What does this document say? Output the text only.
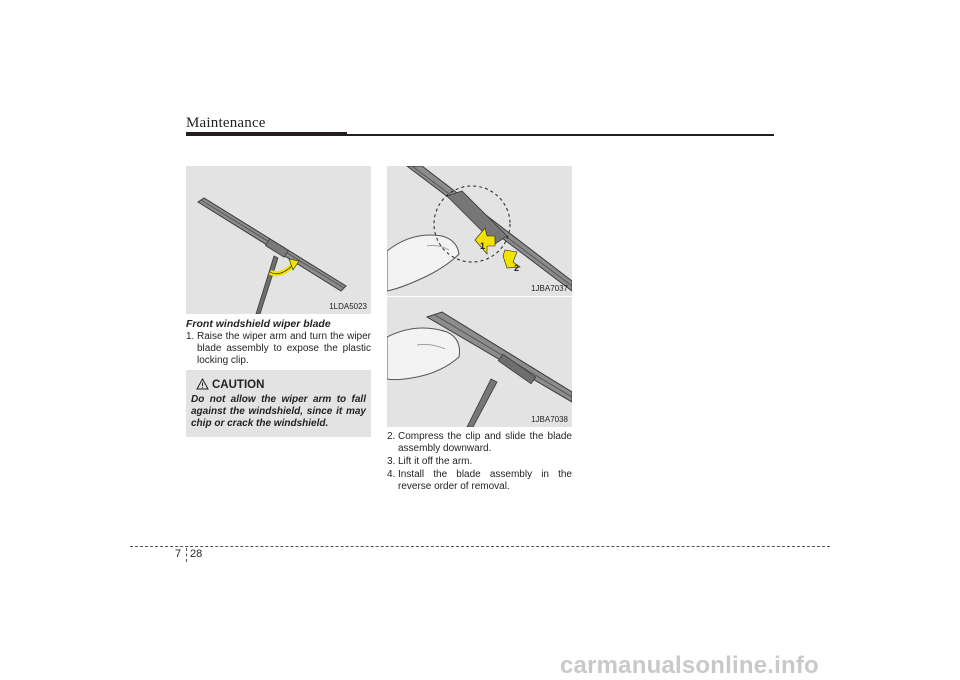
Maintenance
1LDA5023
1
2
1JBA7037
1JBA7038
Front windshield wiper blade
1. Raise the wiper arm and turn the wiper blade assembly to expose the plastic locking clip.
CAUTION
Do not allow the wiper arm to fall against the windshield, since it may chip or crack the windshield.
2. Compress the clip and slide the blade assembly downward.
3. Lift it off the arm.
4. Install the blade assembly in the reverse order of removal.
7 28
carmanualsonline.info
